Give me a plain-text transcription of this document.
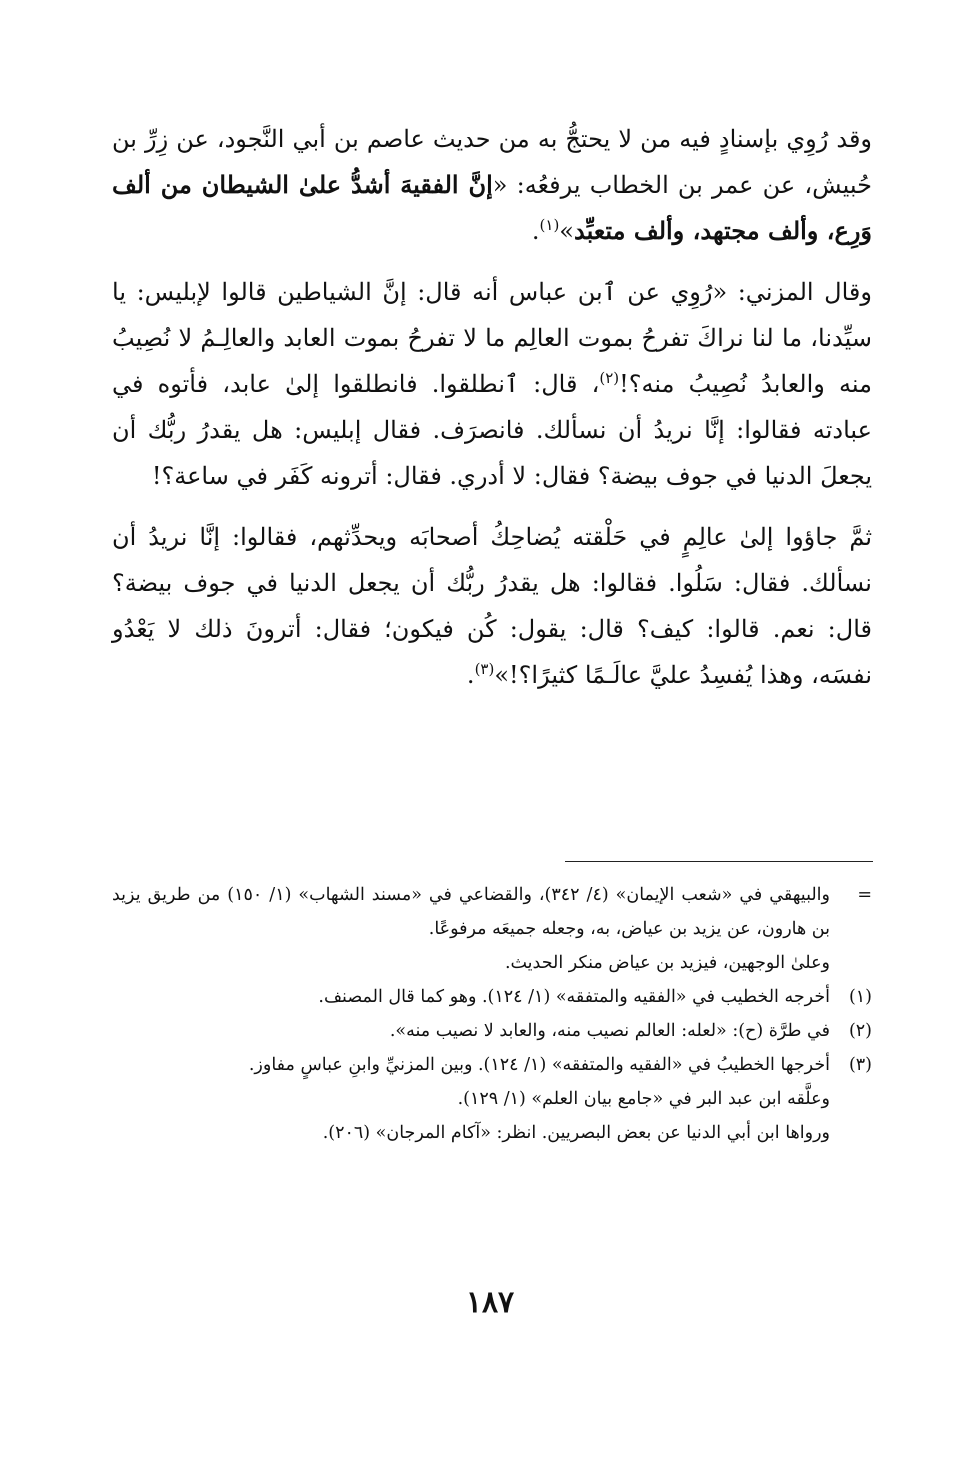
وقد رُوِي بإسنادٍ فيه من لا يحتجُّ به من حديث عاصم بن أبي النَّجود، عن زِرِّ بن حُبيش، عن عمر بن الخطاب يرفعُه: «إنَّ الفقيهَ أشدُّ علىٰ الشيطان من ألف وَرِع، وألف مجتهد، وألف متعبِّد»$^{(١)}$.

وقال المزني: «رُوِي عن ٱبن عباس أنه قال: إنَّ الشياطين قالوا لإبليس: يا سيِّدنا، ما لنا نراكَ تفرحُ بموت العالِم ما لا تفرحُ بموت العابد والعالِـمُ لا نُصِيبُ منه والعابدُ نُصِيبُ منه؟!$^{(٢)}$، قال: ٱنطلقوا. فانطلقوا إلىٰ عابد، فأتوه في عبادته فقالوا: إنَّا نريدُ أن نسألك. فانصرَف. فقال إبليس: هل يقدرُ ربُّك أن يجعلَ الدنيا في جوف بيضة؟ فقال: لا أدري. فقال: أترونه كَفَر في ساعة؟!

ثمَّ جاؤوا إلىٰ عالِمٍ في حَلْقته يُضاحِكُ أصحابَه ويحدِّثهم، فقالوا: إنَّا نريدُ أن نسألك. فقال: سَلُوا. فقالوا: هل يقدرُ ربُّك أن يجعل الدنيا في جوف بيضة؟ قال: نعم. قالوا: كيف؟ قال: يقول: كُن فيكون؛ فقال: أترونَ ذلك لا يَعْدُو نفسَه، وهذا يُفسِدُ عليَّ عالَـمًا كثيرًا؟!»$^{(٣)}$.

=
والبيهقي في «شعب الإيمان» (٤/ ٣٤٢)، والقضاعي في «مسند الشهاب» (١/ ١٥٠) من طريق يزيد بن هارون، عن يزيد بن عياض، به، وجعله جميعَه مرفوعًا.
وعلىٰ الوجهين، فيزيد بن عياض منكر الحديث.
(١)
أخرجه الخطيب في «الفقيه والمتفقه» (١/ ١٢٤). وهو كما قال المصنف.
(٢)
في طرَّة (ح): «لعله: العالم نصيب منه، والعابد لا نصيب منه».
(٣)
أخرجها الخطيبُ في «الفقيه والمتفقه» (١/ ١٢٤). وبين المزنيِّ وابنِ عباسٍ مفاوز.
وعلَّقه ابن عبد البر في «جامع بيان العلم» (١/ ١٢٩).
ورواها ابن أبي الدنيا عن بعض البصريين. انظر: «آكام المرجان» (٢٠٦).
١٨٧
